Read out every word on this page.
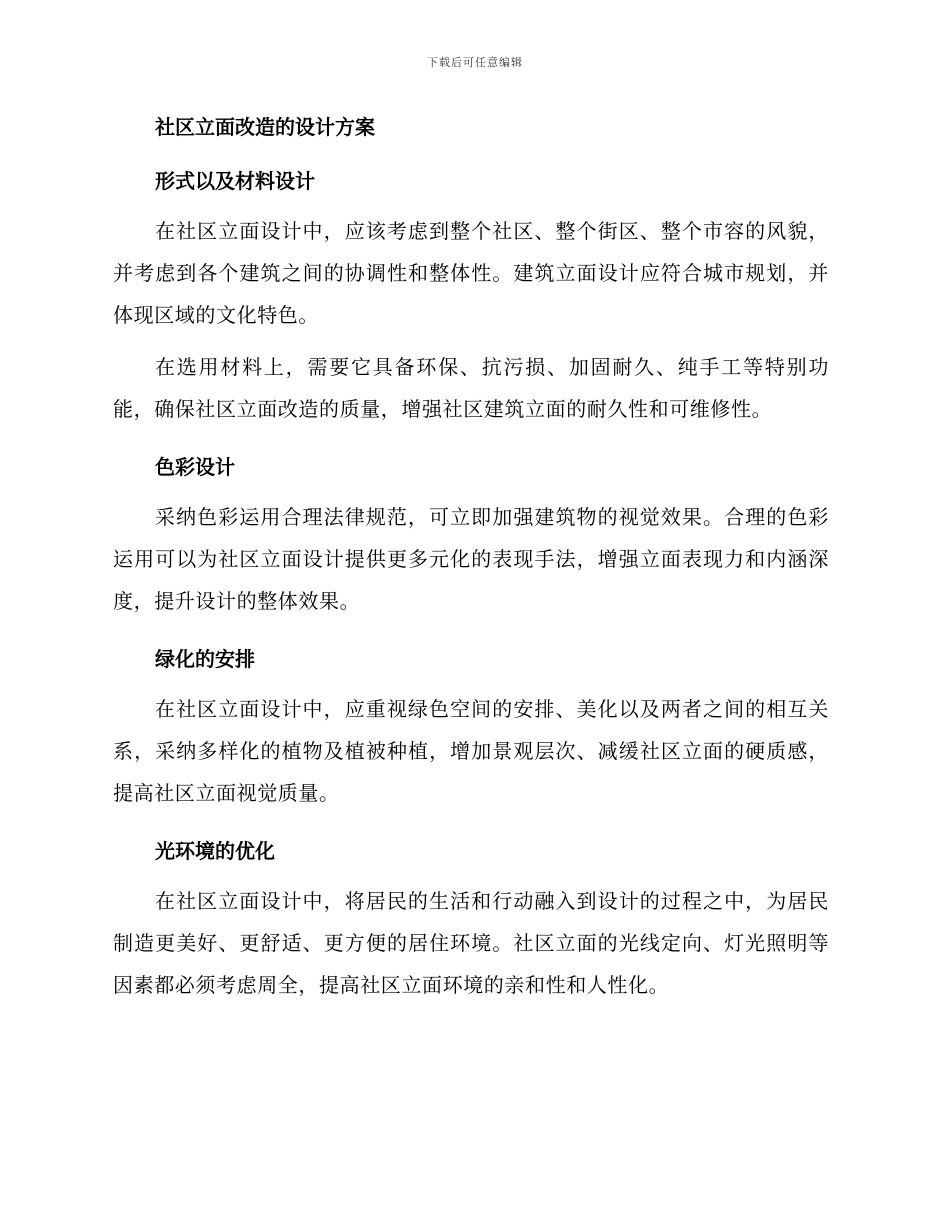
下载后可任意编辑
社区立面改造的设计方案
形式以及材料设计

在社区立面设计中，应该考虑到整个社区、整个街区、整个市容的风貌，并考虑到各个建筑之间的协调性和整体性。建筑立面设计应符合城市规划，并体现区域的文化特色。

在选用材料上，需要它具备环保、抗污损、加固耐久、纯手工等特别功能，确保社区立面改造的质量，增强社区建筑立面的耐久性和可维修性。

色彩设计

采纳色彩运用合理法律规范，可立即加强建筑物的视觉效果。合理的色彩运用可以为社区立面设计提供更多元化的表现手法，增强立面表现力和内涵深度，提升设计的整体效果。

绿化的安排

在社区立面设计中，应重视绿色空间的安排、美化以及两者之间的相互关系，采纳多样化的植物及植被种植，增加景观层次、减缓社区立面的硬质感，提高社区立面视觉质量。

光环境的优化

在社区立面设计中，将居民的生活和行动融入到设计的过程之中，为居民制造更美好、更舒适、更方便的居住环境。社区立面的光线定向、灯光照明等因素都必须考虑周全，提高社区立面环境的亲和性和人性化。
